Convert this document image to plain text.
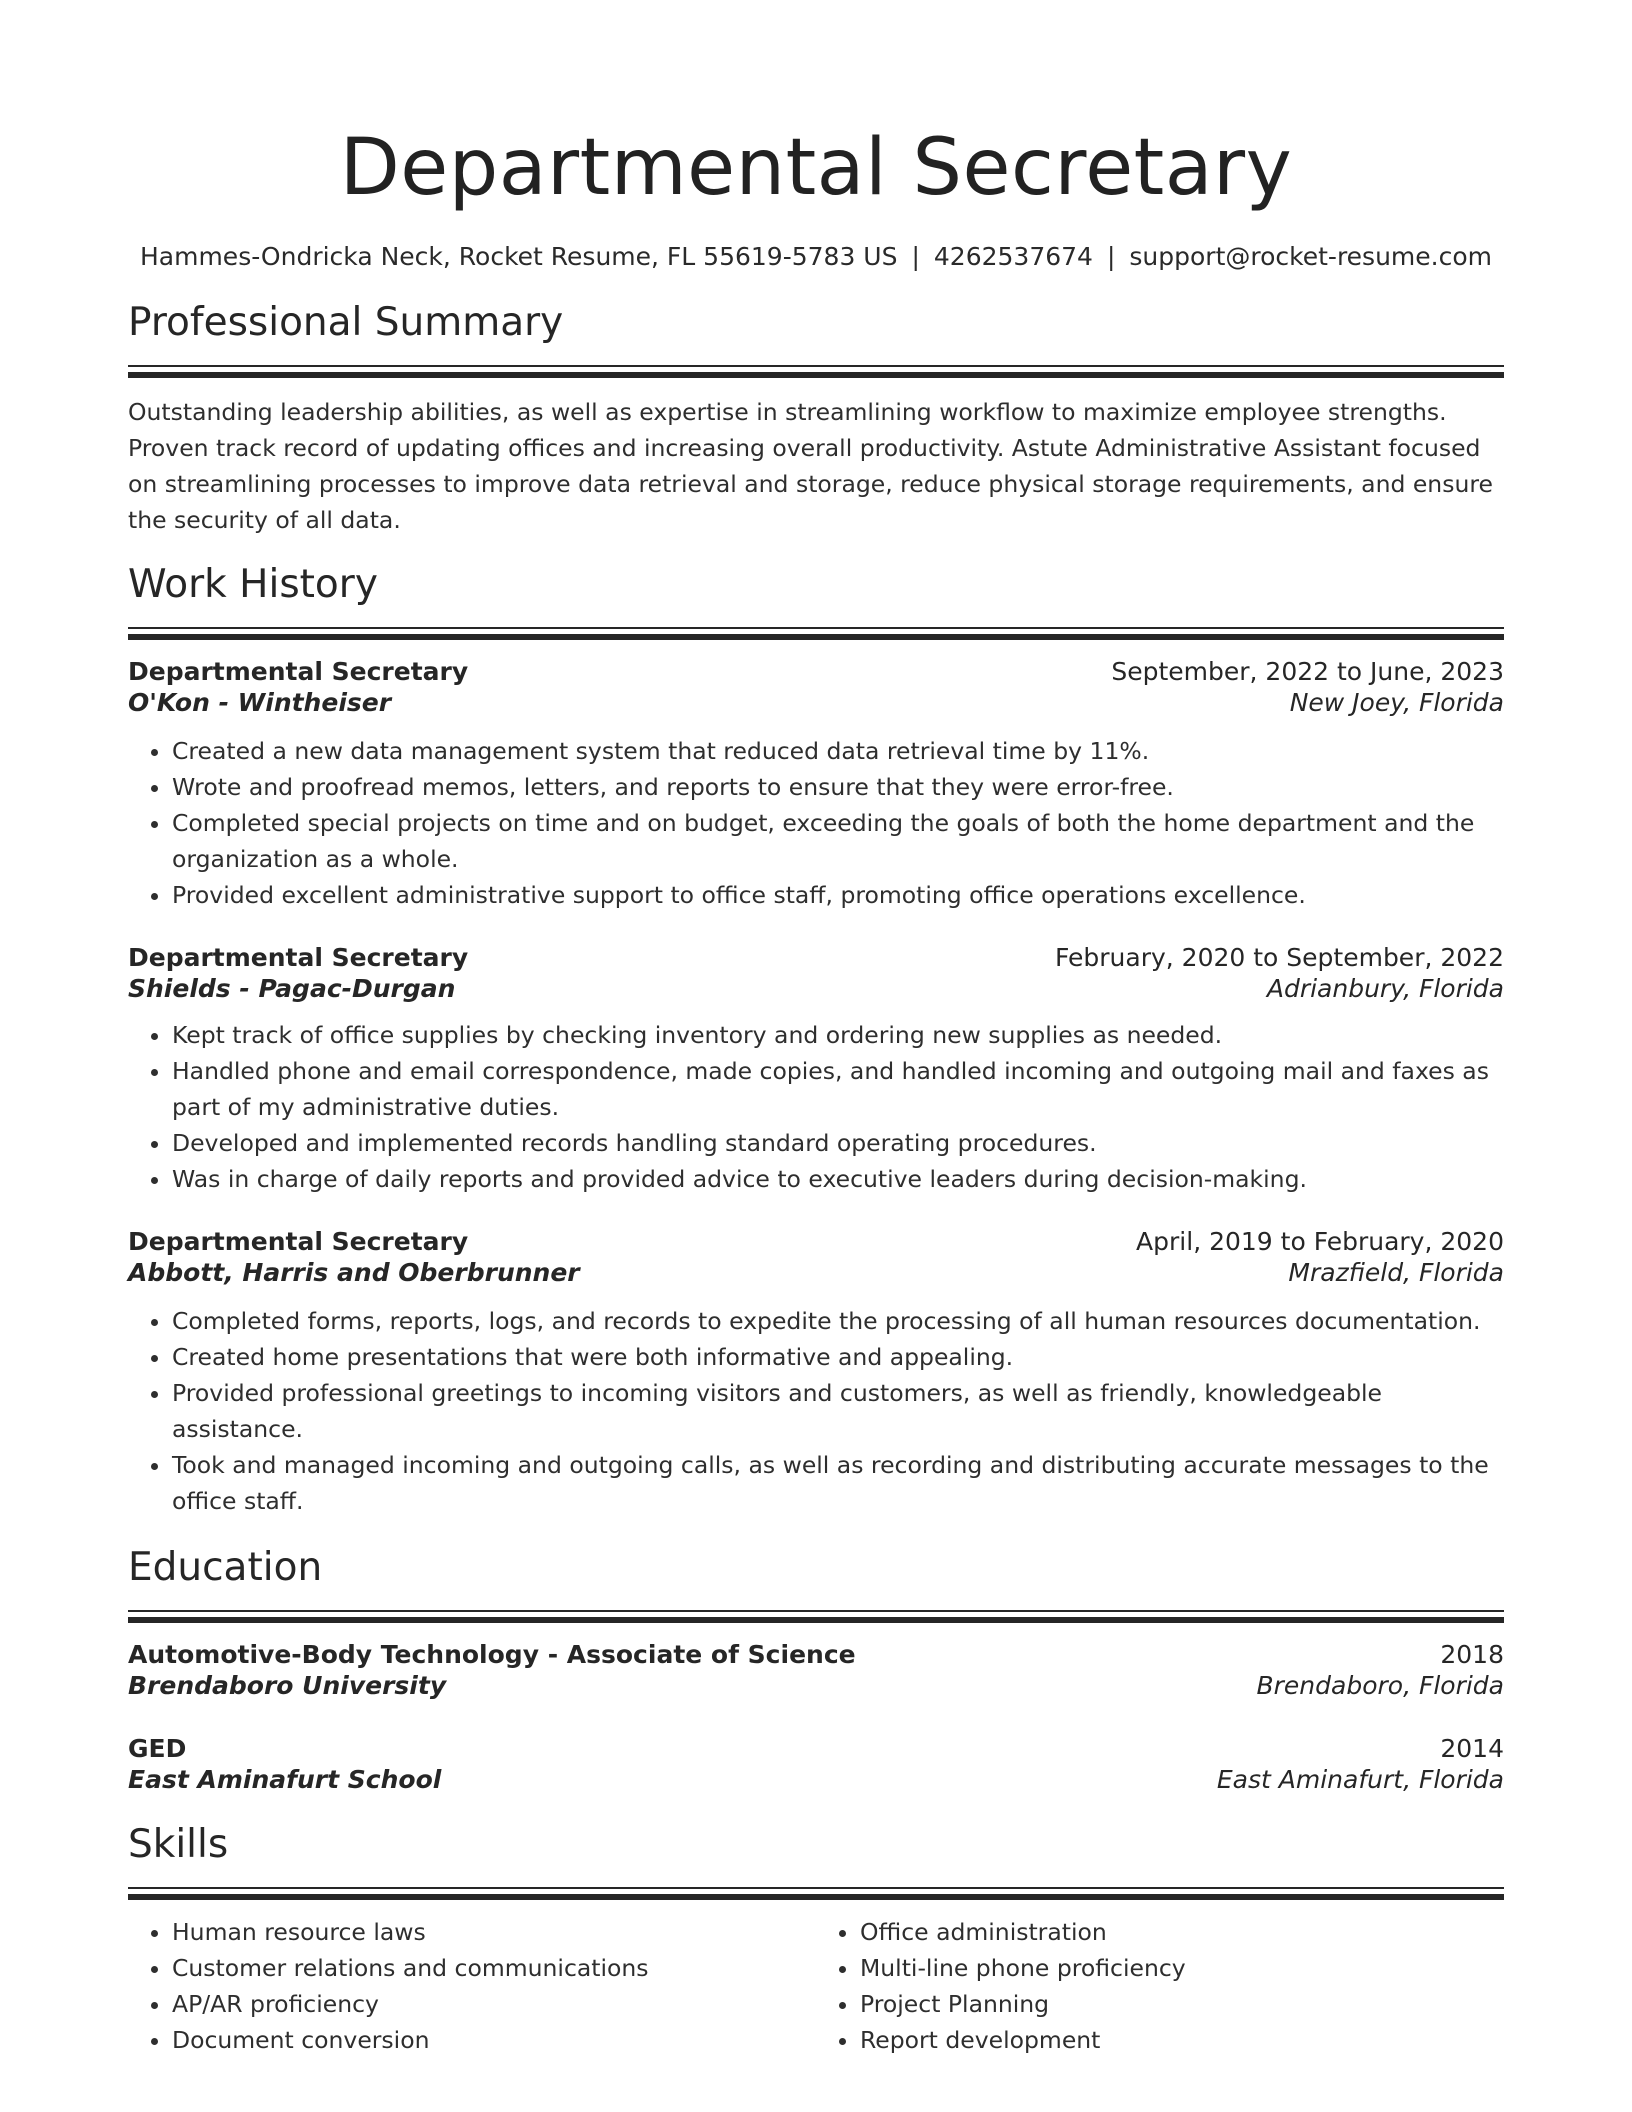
Departmental Secretary
Hammes-Ondricka Neck, Rocket Resume, FL 55619-5783 US | 4262537674 | support@rocket-resume.com
Professional Summary
Outstanding leadership abilities, as well as expertise in streamlining workflow to maximize employee strengths. Proven track record of updating offices and increasing overall productivity. Astute Administrative Assistant focused on streamlining processes to improve data retrieval and storage, reduce physical storage requirements, and ensure the security of all data.
Work History
Departmental Secretary	September, 2022 to June, 2023
O'Kon - Wintheiser	New Joey, Florida
• Created a new data management system that reduced data retrieval time by 11%.
• Wrote and proofread memos, letters, and reports to ensure that they were error-free.
• Completed special projects on time and on budget, exceeding the goals of both the home department and the organization as a whole.
• Provided excellent administrative support to office staff, promoting office operations excellence.
Departmental Secretary	February, 2020 to September, 2022
Shields - Pagac-Durgan	Adrianbury, Florida
• Kept track of office supplies by checking inventory and ordering new supplies as needed.
• Handled phone and email correspondence, made copies, and handled incoming and outgoing mail and faxes as part of my administrative duties.
• Developed and implemented records handling standard operating procedures.
• Was in charge of daily reports and provided advice to executive leaders during decision-making.
Departmental Secretary	April, 2019 to February, 2020
Abbott, Harris and Oberbrunner	Mrazfield, Florida
• Completed forms, reports, logs, and records to expedite the processing of all human resources documentation.
• Created home presentations that were both informative and appealing.
• Provided professional greetings to incoming visitors and customers, as well as friendly, knowledgeable assistance.
• Took and managed incoming and outgoing calls, as well as recording and distributing accurate messages to the office staff.
Education
Automotive-Body Technology - Associate of Science	2018
Brendaboro University	Brendaboro, Florida
GED	2014
East Aminafurt School	East Aminafurt, Florida
Skills
• Human resource laws
• Customer relations and communications
• AP/AR proficiency
• Document conversion
• Office administration
• Multi-line phone proficiency
• Project Planning
• Report development
